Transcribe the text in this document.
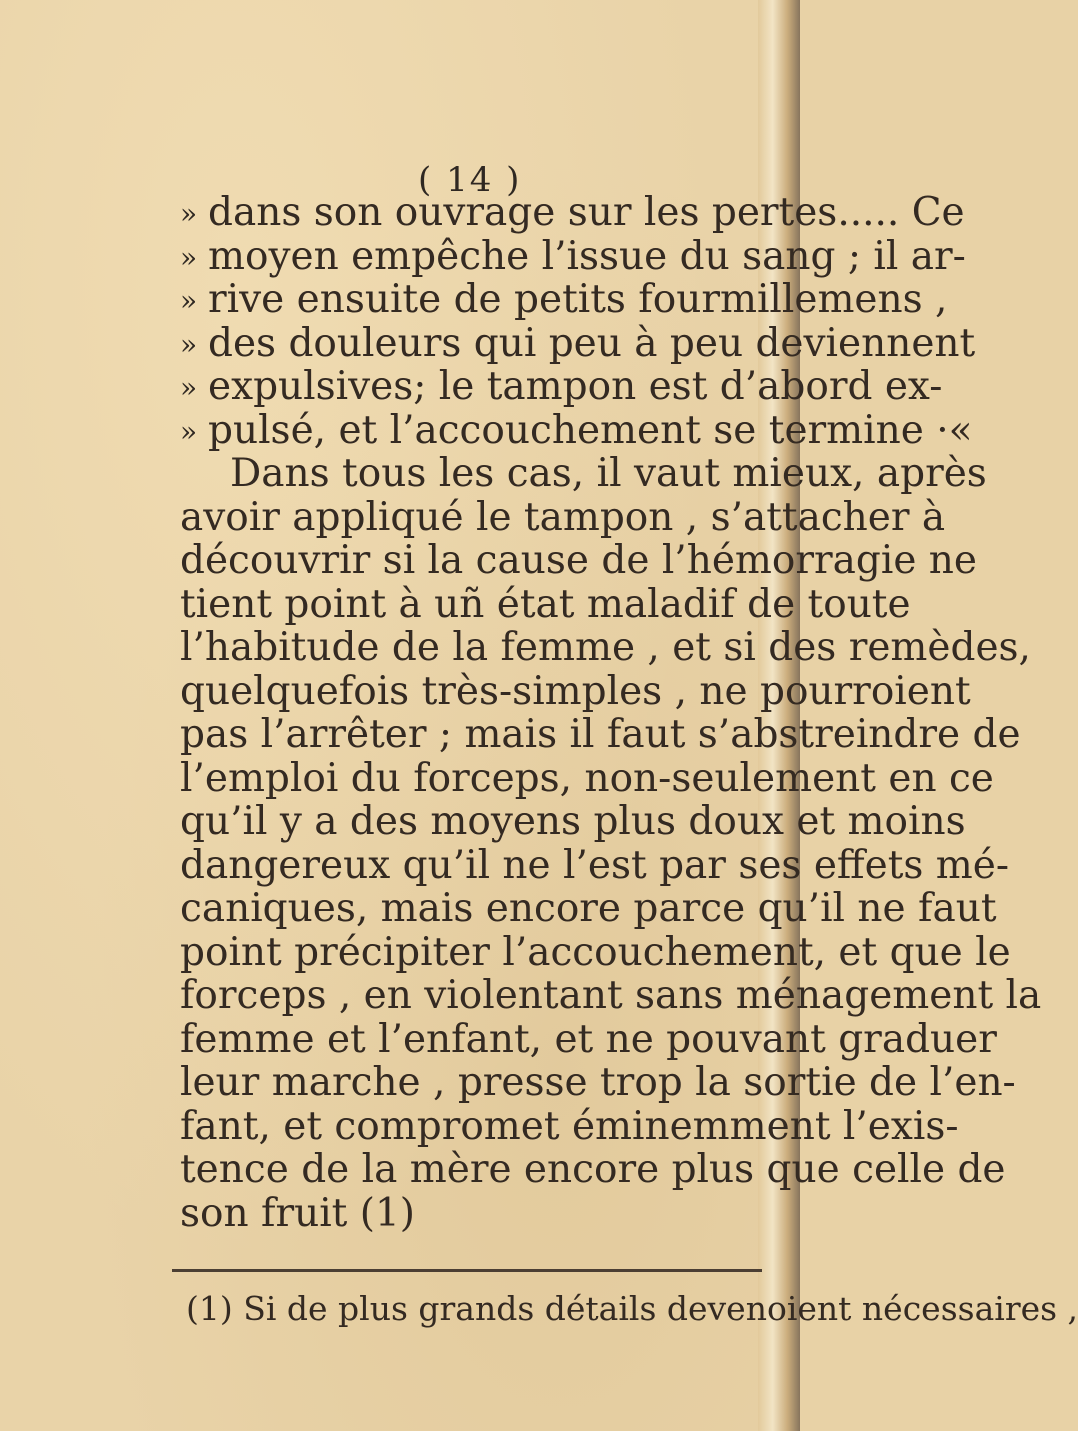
( 14 )
»
»
»
»
»
»
dans son ouvrage sur les pertes..... Ce
moyen empêche l’issue du sang ; il ar-
rive ensuite de petits fourmillemens ,
des douleurs qui peu à peu deviennent
expulsives; le tampon est d’abord ex-
pulsé, et l’accouchement se termine ·«
Dans tous les cas, il vaut mieux, après
avoir appliqué le tampon , s’attacher à
découvrir si la cause de l’hémorragie ne
tient point à uñ état maladif de toute
l’habitude de la femme , et si des remèdes,
quelquefois très-simples , ne pourroient
pas l’arrêter ; mais il faut s’abstreindre de
l’emploi du forceps, non-seulement en ce
qu’il y a des moyens plus doux et moins
dangereux qu’il ne l’est par ses effets mé-
caniques, mais encore parce qu’il ne faut
point précipiter l’accouchement, et que le
forceps , en violentant sans ménagement la
femme et l’enfant, et ne pouvant graduer
leur marche , presse trop la sortie de l’en-
fant, et compromet éminemment l’exis-
tence de la mère encore plus que celle de
son fruit (1)
(1) Si de plus grands détails devenoient nécessaires ,
